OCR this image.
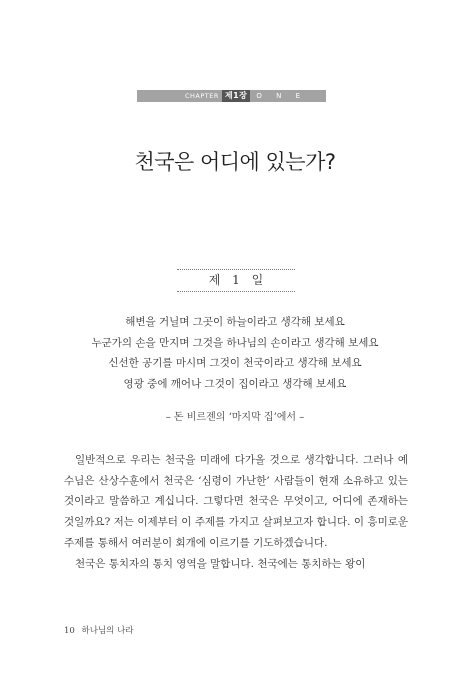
CHAPTER 제1장	O N E
천국은 어디에 있는가?
제 1 일
해변을 거닐며 그곳이 하늘이라고 생각해 보세요
누군가의 손을 만지며 그것을 하나님의 손이라고 생각해 보세요
신선한 공기를 마시며 그것이 천국이라고 생각해 보세요
영광 중에 깨어나 그것이 집이라고 생각해 보세요
– 돈 비르젠의 ‘마지막 집’에서 –

일반적으로 우리는 천국을 미래에 다가올 것으로 생각합니다. 그러나 예수님은 산상수훈에서 천국은 ‘심령이 가난한’ 사람들이 현재 소유하고 있는 것이라고 말씀하고 계십니다. 그렇다면 천국은 무엇이고, 어디에 존재하는 것일까요? 저는 이제부터 이 주제를 가지고 살펴보고자 합니다. 이 흥미로운 주제를 통해서 여러분이 회개에 이르기를 기도하겠습니다.

천국은 통치자의 통치 영역을 말합니다. 천국에는 통치하는 왕이

10 하나님의 나라
